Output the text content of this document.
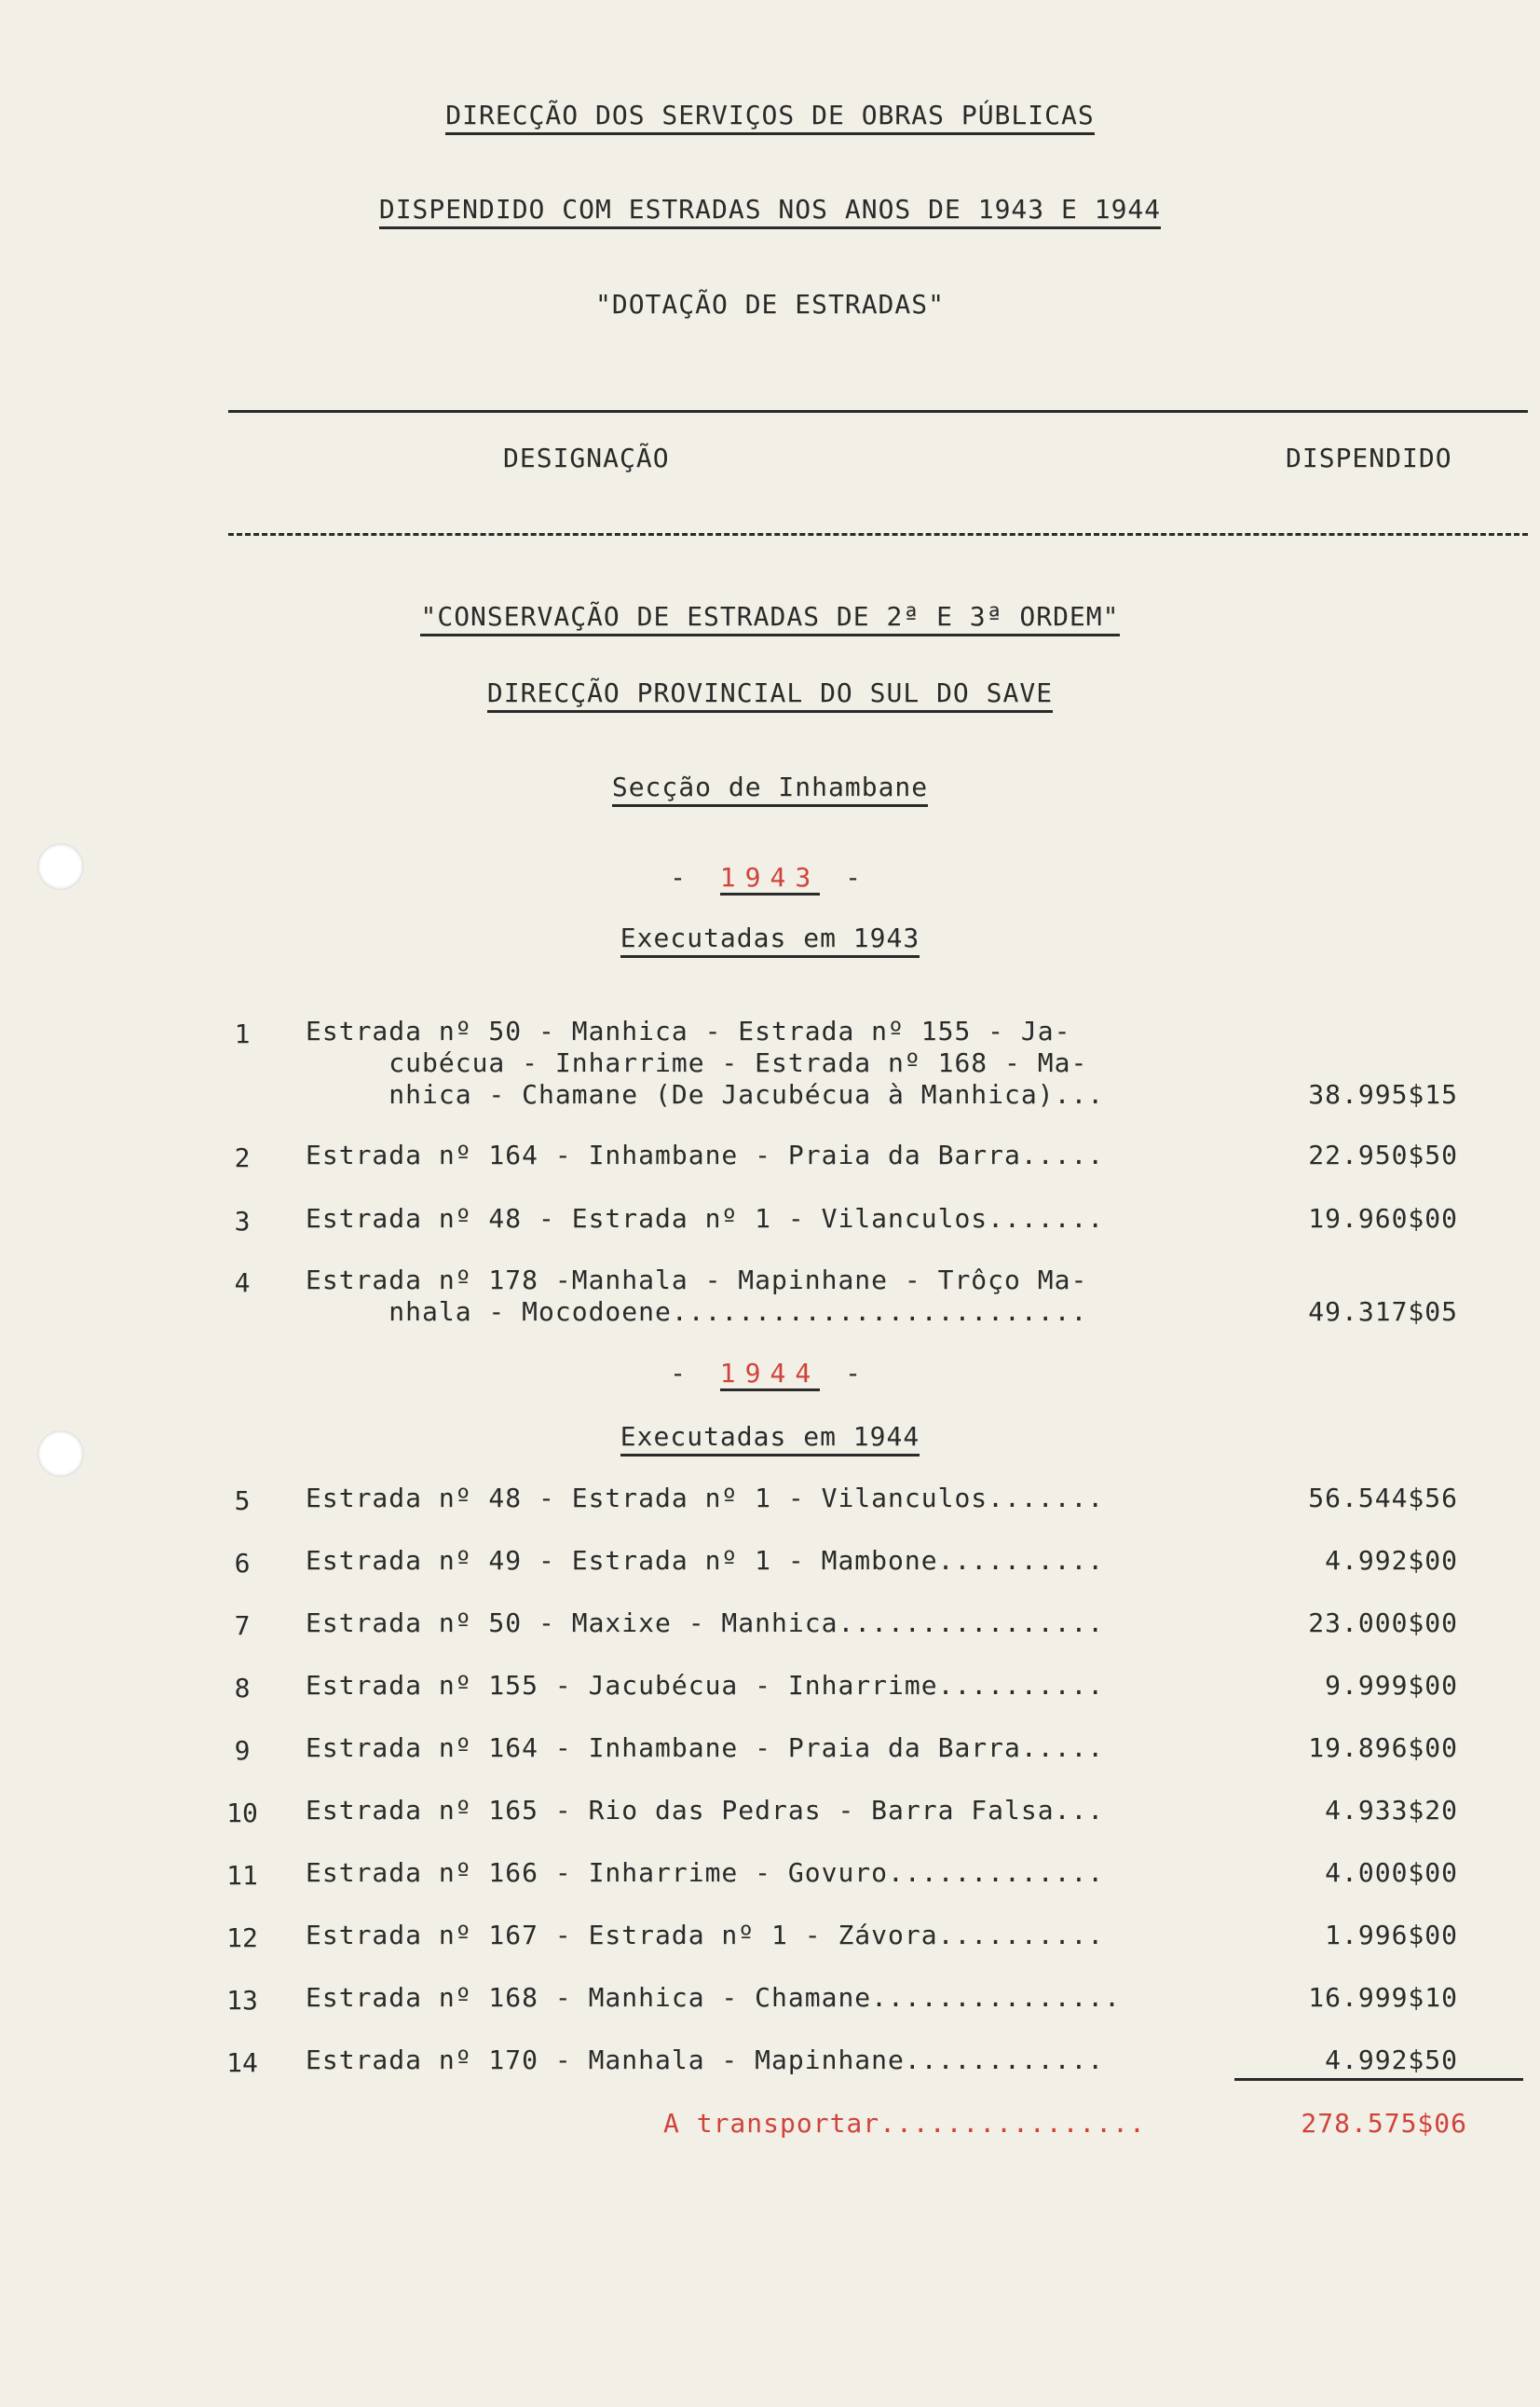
DIRECÇÃO DOS SERVIÇOS DE OBRAS PÚBLICAS
DISPENDIDO COM ESTRADAS NOS ANOS DE 1943 E 1944
"DOTAÇÃO DE ESTRADAS"
DESIGNAÇÃO	DISPENDIDO
"CONSERVAÇÃO DE ESTRADAS DE 2ª E 3ª ORDEM"
DIRECÇÃO PROVINCIAL DO SUL DO SAVE
Secção de Inhambane
- 1943 -
Executadas em 1943
1	Estrada nº 50 - Manhica - Estrada nº 155 - Ja-
cubécua - Inharrime - Estrada nº 168 - Ma-
nhica - Chamane (De Jacubécua à Manhica)...	38.995$15
2	Estrada nº 164 - Inhambane - Praia da Barra.....	22.950$50
3	Estrada nº 48 - Estrada nº 1 - Vilanculos.......	19.960$00
4	Estrada nº 178 -Manhala - Mapinhane - Trôço Ma-
nhala - Mocodoene.........................	49.317$05
- 1944 -
Executadas em 1944
5	Estrada nº 48 - Estrada nº 1 - Vilanculos.......	56.544$56
6	Estrada nº 49 - Estrada nº 1 - Mambone..........	4.992$00
7	Estrada nº 50 - Maxixe - Manhica................	23.000$00
8	Estrada nº 155 - Jacubécua - Inharrime..........	9.999$00
9	Estrada nº 164 - Inhambane - Praia da Barra.....	19.896$00
10	Estrada nº 165 - Rio das Pedras - Barra Falsa...	4.933$20
11	Estrada nº 166 - Inharrime - Govuro.............	4.000$00
12	Estrada nº 167 - Estrada nº 1 - Závora..........	1.996$00
13	Estrada nº 168 - Manhica - Chamane...............	16.999$10
14	Estrada nº 170 - Manhala - Mapinhane............	4.992$50
A transportar................	278.575$06
